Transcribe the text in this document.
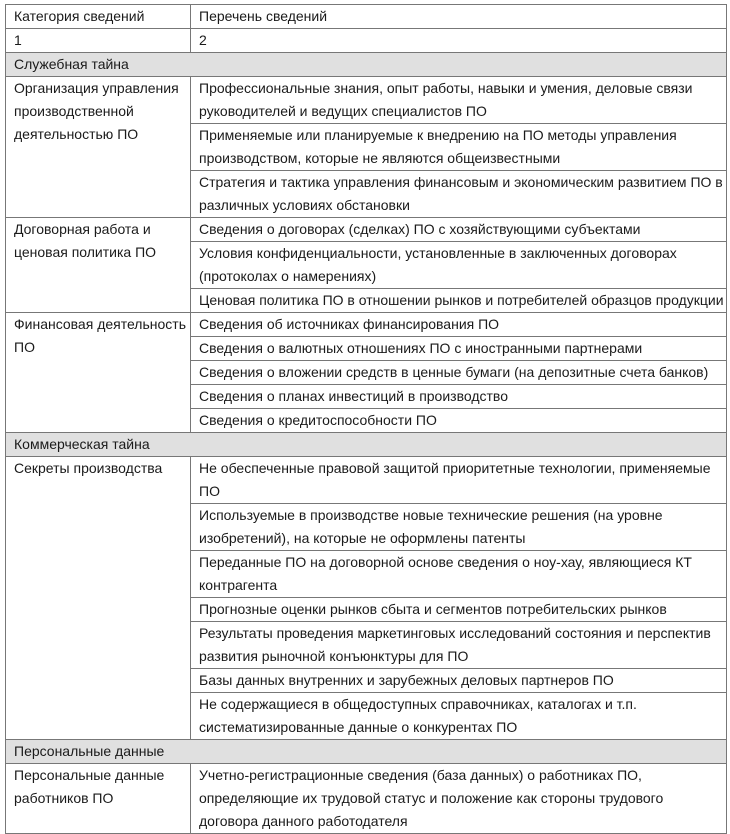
Категория сведений	Перечень сведений
1	2
Служебная тайна	
Организация управления производственной деятельностью ПО	Профессиональные знания, опыт работы, навыки и умения, деловые связи руководителей и ведущих специалистов ПО
	Применяемые или планируемые к внедрению на ПО методы управления производством, которые не являются общеизвестными
	Стратегия и тактика управления финансовым и экономическим развитием ПО в различных условиях обстановки
Договорная работа и ценовая политика ПО	Сведения о договорах (сделках) ПО с хозяйствующими субъектами
	Условия конфиденциальности, установленные в заключенных договорах (протоколах о намерениях)
	Ценовая политика ПО в отношении рынков и потребителей образцов продукции
Финансовая деятельность ПО	Сведения об источниках финансирования ПО
	Сведения о валютных отношениях ПО с иностранными партнерами
	Сведения о вложении средств в ценные бумаги (на депозитные счета банков)
	Сведения о планах инвестиций в производство
	Сведения о кредитоспособности ПО
Коммерческая тайна	
Секреты производства	Не обеспеченные правовой защитой приоритетные технологии, применяемые ПО
	Используемые в производстве новые технические решения (на уровне изобретений), на которые не оформлены патенты
	Переданные ПО на договорной основе сведения о ноу-хау, являющиеся КТ контрагента
	Прогнозные оценки рынков сбыта и сегментов потребительских рынков
	Результаты проведения маркетинговых исследований состояния и перспектив развития рыночной конъюнктуры для ПО
	Базы данных внутренних и зарубежных деловых партнеров ПО
	Не содержащиеся в общедоступных справочниках, каталогах и т.п. систематизированные данные о конкурентах ПО
Персональные данные	
Персональные данные работников ПО	Учетно-регистрационные сведения (база данных) о работниках ПО, определяющие их трудовой статус и положение как стороны трудового договора данного работодателя
